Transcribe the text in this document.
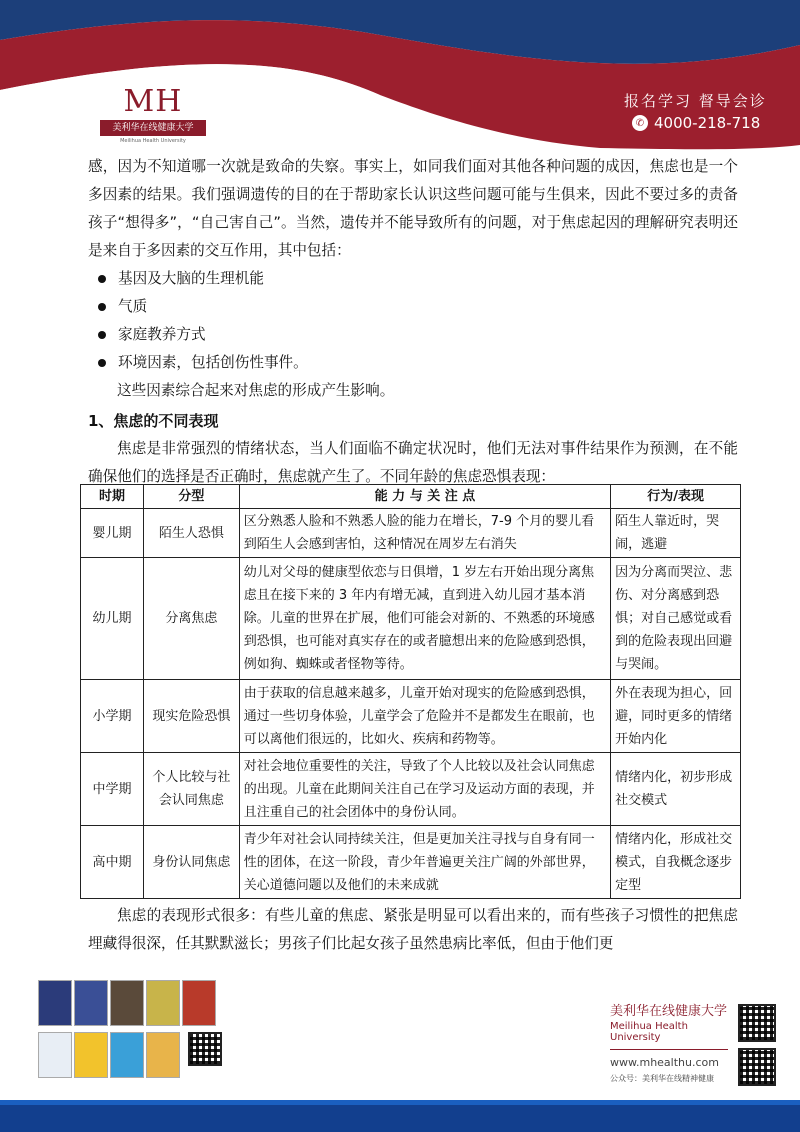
MH
美利华在线健康大学
Meilihua Health University
报名学习 督导会诊
✆ 4000-218-718

感，因为不知道哪一次就是致命的失察。事实上，如同我们面对其他各种问题的成因，焦虑也是一个多因素的结果。我们强调遗传的目的在于帮助家长认识这些问题可能与生俱来，因此不要过多的责备孩子“想得多”，“自己害自己”。当然，遗传并不能导致所有的问题，对于焦虑起因的理解研究表明还是来自于多因素的交互作用，其中包括：

基因及大脑的生理机能
气质
家庭教养方式
环境因素，包括创伤性事件。

这些因素综合起来对焦虑的形成产生影响。

1、焦虑的不同表现

焦虑是非常强烈的情绪状态，当人们面临不确定状况时，他们无法对事件结果作为预测，在不能确保他们的选择是否正确时，焦虑就产生了。不同年龄的焦虑恐惧表现：

时期	分型	能 力 与 关 注 点	行为/表现
婴儿期	陌生人恐惧	区分熟悉人脸和不熟悉人脸的能力在增长，7-9 个月的婴儿看到陌生人会感到害怕，这种情况在周岁左右消失	陌生人靠近时，哭闹，逃避
幼儿期	分离焦虑	幼儿对父母的健康型依恋与日俱增，1 岁左右开始出现分离焦虑且在接下来的 3 年内有增无减，直到进入幼儿园才基本消除。儿童的世界在扩展，他们可能会对新的、不熟悉的环境感到恐惧，也可能对真实存在的或者臆想出来的危险感到恐惧，例如狗、蜘蛛或者怪物等待。	因为分离而哭泣、悲伤、对分离感到恐惧；对自己感觉或看到的危险表现出回避与哭闹。
小学期	现实危险恐惧	由于获取的信息越来越多，儿童开始对现实的危险感到恐惧，通过一些切身体验，儿童学会了危险并不是都发生在眼前，也可以离他们很远的，比如火、疾病和药物等。	外在表现为担心，回避，同时更多的情绪开始内化
中学期	个人比较与社会认同焦虑	对社会地位重要性的关注，导致了个人比较以及社会认同焦虑的出现。儿童在此期间关注自己在学习及运动方面的表现，并且注重自己的社会团体中的身份认同。	情绪内化，初步形成社交模式
高中期	身份认同焦虑	青少年对社会认同持续关注，但是更加关注寻找与自身有同一性的团体，在这一阶段，青少年普遍更关注广阔的外部世界，关心道德问题以及他们的未来成就	情绪内化，形成社交模式，自我概念逐步定型

焦虑的表现形式很多：有些儿童的焦虑、紧张是明显可以看出来的，而有些孩子习惯性的把焦虑埋藏得很深，任其默默滋长；男孩子们比起女孩子虽然患病比率低，但由于他们更

美利华在线健康大学
Meilihua Health University
www.mhealthu.com
公众号：美利华在线精神健康
